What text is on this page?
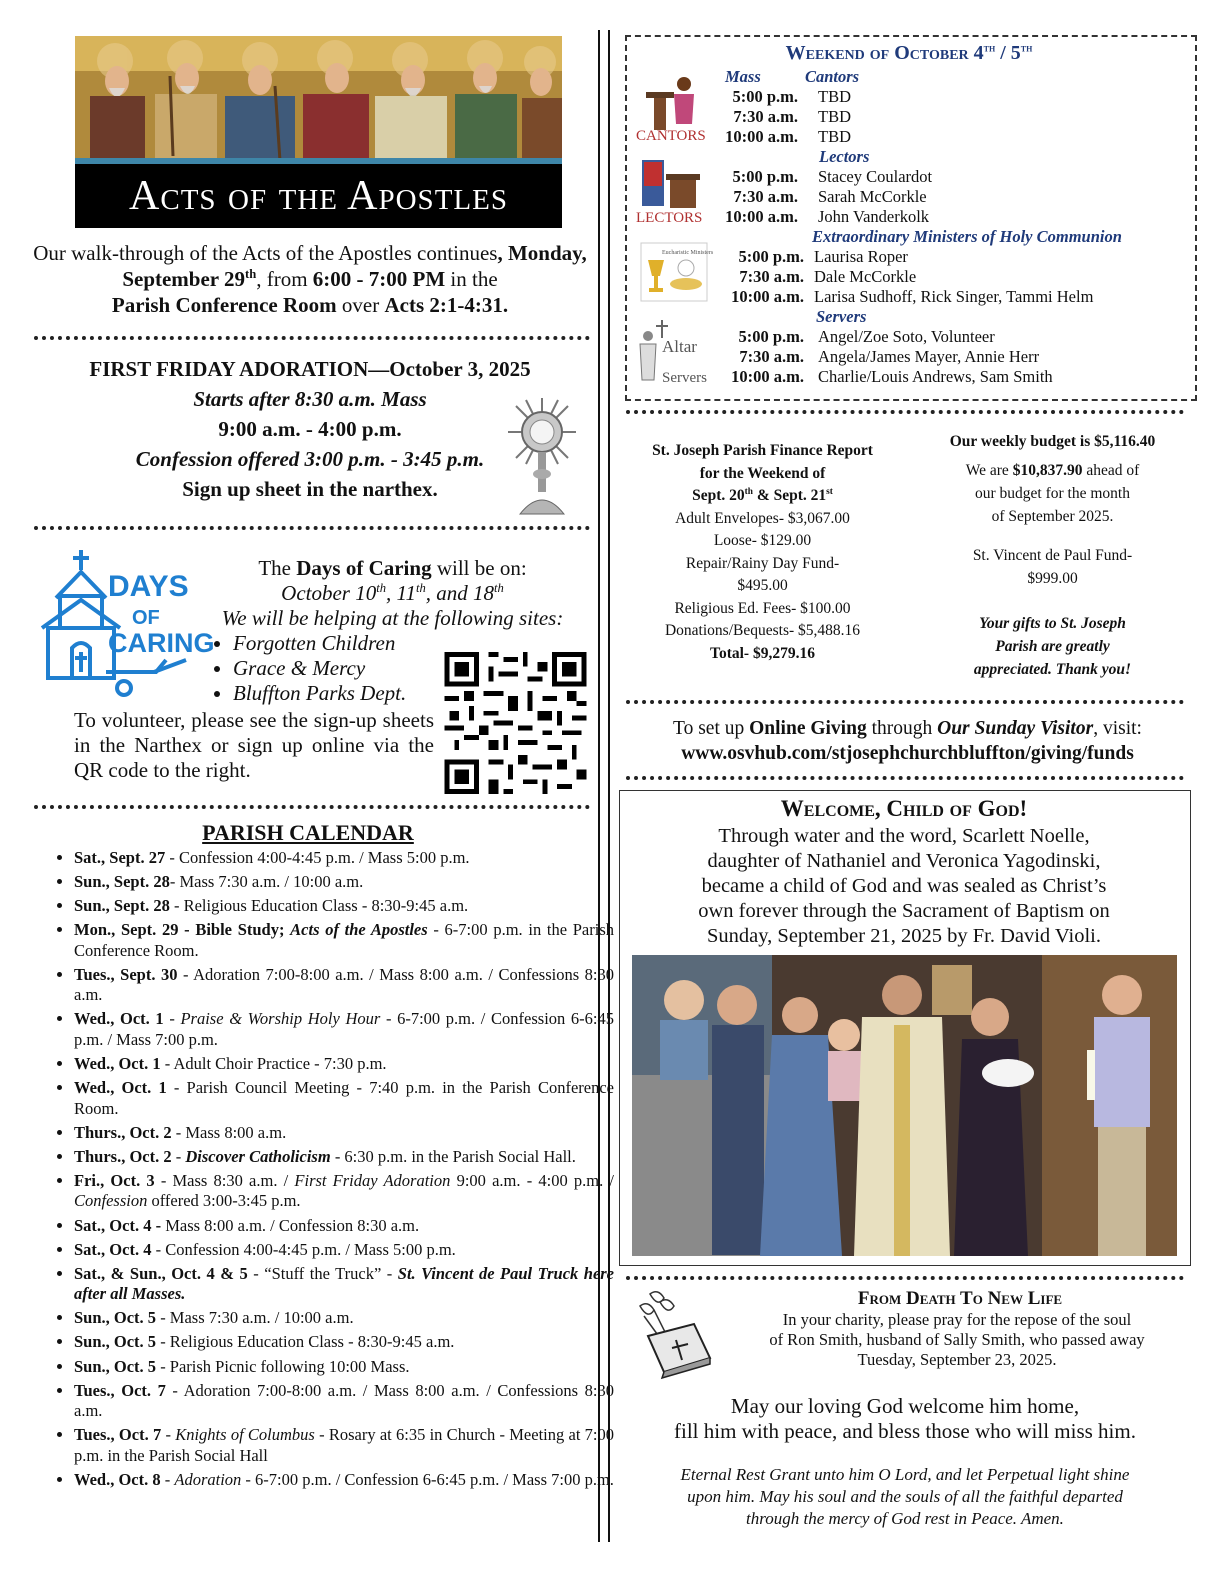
Acts of the Apostles
Our walk-through of the Acts of the Apostles continues, Monday, September 29th, from 6:00 - 7:00 PM in the
Parish Conference Room over Acts 2:1-4:31.
FIRST FRIDAY ADORATION—October 3, 2025
Starts after 8:30 a.m. Mass
9:00 a.m. - 4:00 p.m.
Confession offered 3:00 p.m. - 3:45 p.m.
Sign up sheet in the narthex.
DAYS
OF
CARING
The Days of Caring will be on:
October 10th, 11th, and 18th
We will be helping at the following sites:
• Forgotten Children
• Grace & Mercy
• Bluffton Parks Dept.
To volunteer, please see the sign-up sheets in the Narthex or sign up online via the QR code to the right.
PARISH CALENDAR
• Sat., Sept. 27 - Confession 4:00-4:45 p.m. / Mass 5:00 p.m.
• Sun., Sept. 28- Mass 7:30 a.m. / 10:00 a.m.
• Sun., Sept. 28 - Religious Education Class - 8:30-9:45 a.m.
• Mon., Sept. 29 - Bible Study; Acts of the Apostles - 6-7:00 p.m. in the Parish Conference Room.
• Tues., Sept. 30 - Adoration 7:00-8:00 a.m. / Mass 8:00 a.m. / Confessions 8:30 a.m.
• Wed., Oct. 1 - Praise & Worship Holy Hour - 6-7:00 p.m. / Confession 6-6:45 p.m. / Mass 7:00 p.m.
• Wed., Oct. 1 - Adult Choir Practice - 7:30 p.m.
• Wed., Oct. 1 - Parish Council Meeting - 7:40 p.m. in the Parish Conference Room.
• Thurs., Oct. 2 - Mass 8:00 a.m.
• Thurs., Oct. 2 - Discover Catholicism - 6:30 p.m. in the Parish Social Hall.
• Fri., Oct. 3 - Mass 8:30 a.m. / First Friday Adoration 9:00 a.m. - 4:00 p.m. / Confession offered 3:00-3:45 p.m.
• Sat., Oct. 4 - Mass 8:00 a.m. / Confession 8:30 a.m.
• Sat., Oct. 4 - Confession 4:00-4:45 p.m. / Mass 5:00 p.m.
• Sat., & Sun., Oct. 4 & 5 - “Stuff the Truck” - St. Vincent de Paul Truck here after all Masses.
• Sun., Oct. 5 - Mass 7:30 a.m. / 10:00 a.m.
• Sun., Oct. 5 - Religious Education Class - 8:30-9:45 a.m.
• Sun., Oct. 5 - Parish Picnic following 10:00 Mass.
• Tues., Oct. 7 - Adoration 7:00-8:00 a.m. / Mass 8:00 a.m. / Confessions 8:30 a.m.
• Tues., Oct. 7 - Knights of Columbus - Rosary at 6:35 in Church - Meeting at 7:00 p.m. in the Parish Social Hall
• Wed., Oct. 8 - Adoration - 6-7:00 p.m. / Confession 6-6:45 p.m. / Mass 7:00 p.m.
Weekend of October 4th / 5th
CANTORS
LECTORS
Eucharistic Ministers
Altar
Servers
Mass	Cantors
5:00 p.m. TBD
7:30 a.m. TBD
10:00 a.m. TBD
Lectors
5:00 p.m. Stacey Coulardot
7:30 a.m. Sarah McCorkle
10:00 a.m. John Vanderkolk
Extraordinary Ministers of Holy Communion
5:00 p.m. Laurisa Roper
7:30 a.m. Dale McCorkle
10:00 a.m. Larisa Sudhoff, Rick Singer, Tammi Helm
Servers
5:00 p.m. Angel/Zoe Soto, Volunteer
7:30 a.m. Angela/James Mayer, Annie Herr
10:00 a.m. Charlie/Louis Andrews, Sam Smith
St. Joseph Parish Finance Report
for the Weekend of
Sept. 20th & Sept. 21st
Adult Envelopes- $3,067.00
Loose- $129.00
Repair/Rainy Day Fund-
$495.00
Religious Ed. Fees- $100.00
Donations/Bequests- $5,488.16
Total- $9,279.16
Our weekly budget is $5,116.40
We are $10,837.90 ahead of
our budget for the month
of September 2025.
St. Vincent de Paul Fund-
$999.00
Your gifts to St. Joseph
Parish are greatly
appreciated. Thank you!
To set up Online Giving through Our Sunday Visitor, visit:
www.osvhub.com/stjosephchurchbluffton/giving/funds
Welcome, Child of God!
Through water and the word, Scarlett Noelle,
daughter of Nathaniel and Veronica Yagodinski,
became a child of God and was sealed as Christ’s
own forever through the Sacrament of Baptism on
Sunday, September 21, 2025 by Fr. David Violi.
From Death To New Life
In your charity, please pray for the repose of the soul
of Ron Smith, husband of Sally Smith, who passed away
Tuesday, September 23, 2025.
May our loving God welcome him home,
fill him with peace, and bless those who will miss him.
Eternal Rest Grant unto him O Lord, and let Perpetual light shine
upon him. May his soul and the souls of all the faithful departed
through the mercy of God rest in Peace. Amen.
